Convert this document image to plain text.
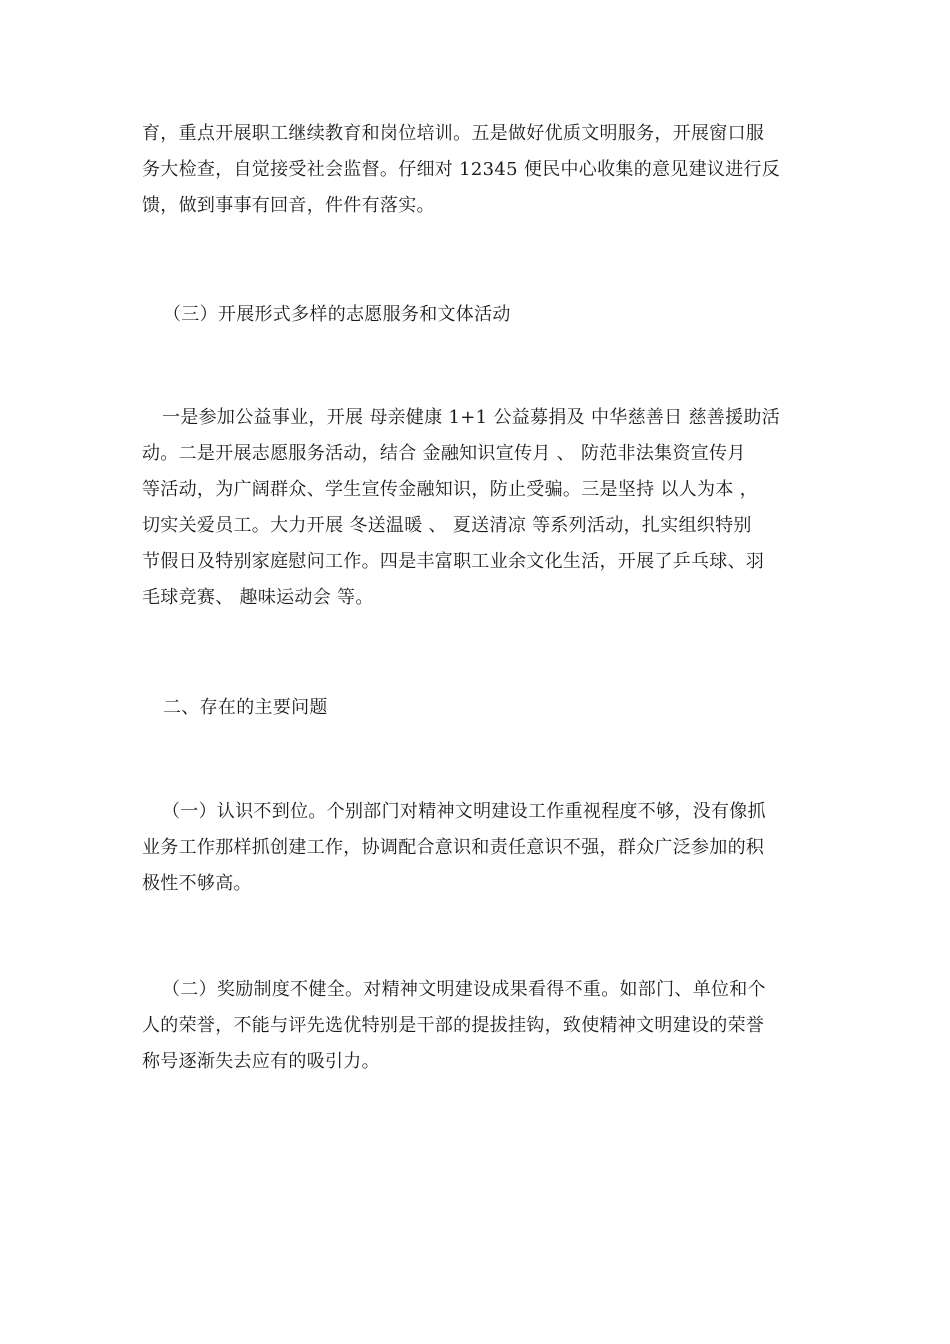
育，重点开展职工继续教育和岗位培训。五是做好优质文明服务，开展窗口服
务大检查，自觉接受社会监督。仔细对 12345 便民中心收集的意见建议进行反
馈，做到事事有回音，件件有落实。
（三）开展形式多样的志愿服务和文体活动
一是参加公益事业，开展 母亲健康 1+1 公益募捐及 中华慈善日 慈善援助活
动。二是开展志愿服务活动，结合 金融知识宣传月 、 防范非法集资宣传月
等活动，为广阔群众、学生宣传金融知识，防止受骗。三是坚持 以人为本 ，
切实关爱员工。大力开展 冬送温暖 、 夏送清凉 等系列活动，扎实组织特别
节假日及特别家庭慰问工作。四是丰富职工业余文化生活，开展了乒乓球、羽
毛球竞赛、 趣味运动会 等。
二、存在的主要问题
（一）认识不到位。个别部门对精神文明建设工作重视程度不够，没有像抓
业务工作那样抓创建工作，协调配合意识和责任意识不强，群众广泛参加的积
极性不够高。
（二）奖励制度不健全。对精神文明建设成果看得不重。如部门、单位和个
人的荣誉，不能与评先选优特别是干部的提拔挂钩，致使精神文明建设的荣誉
称号逐渐失去应有的吸引力。
